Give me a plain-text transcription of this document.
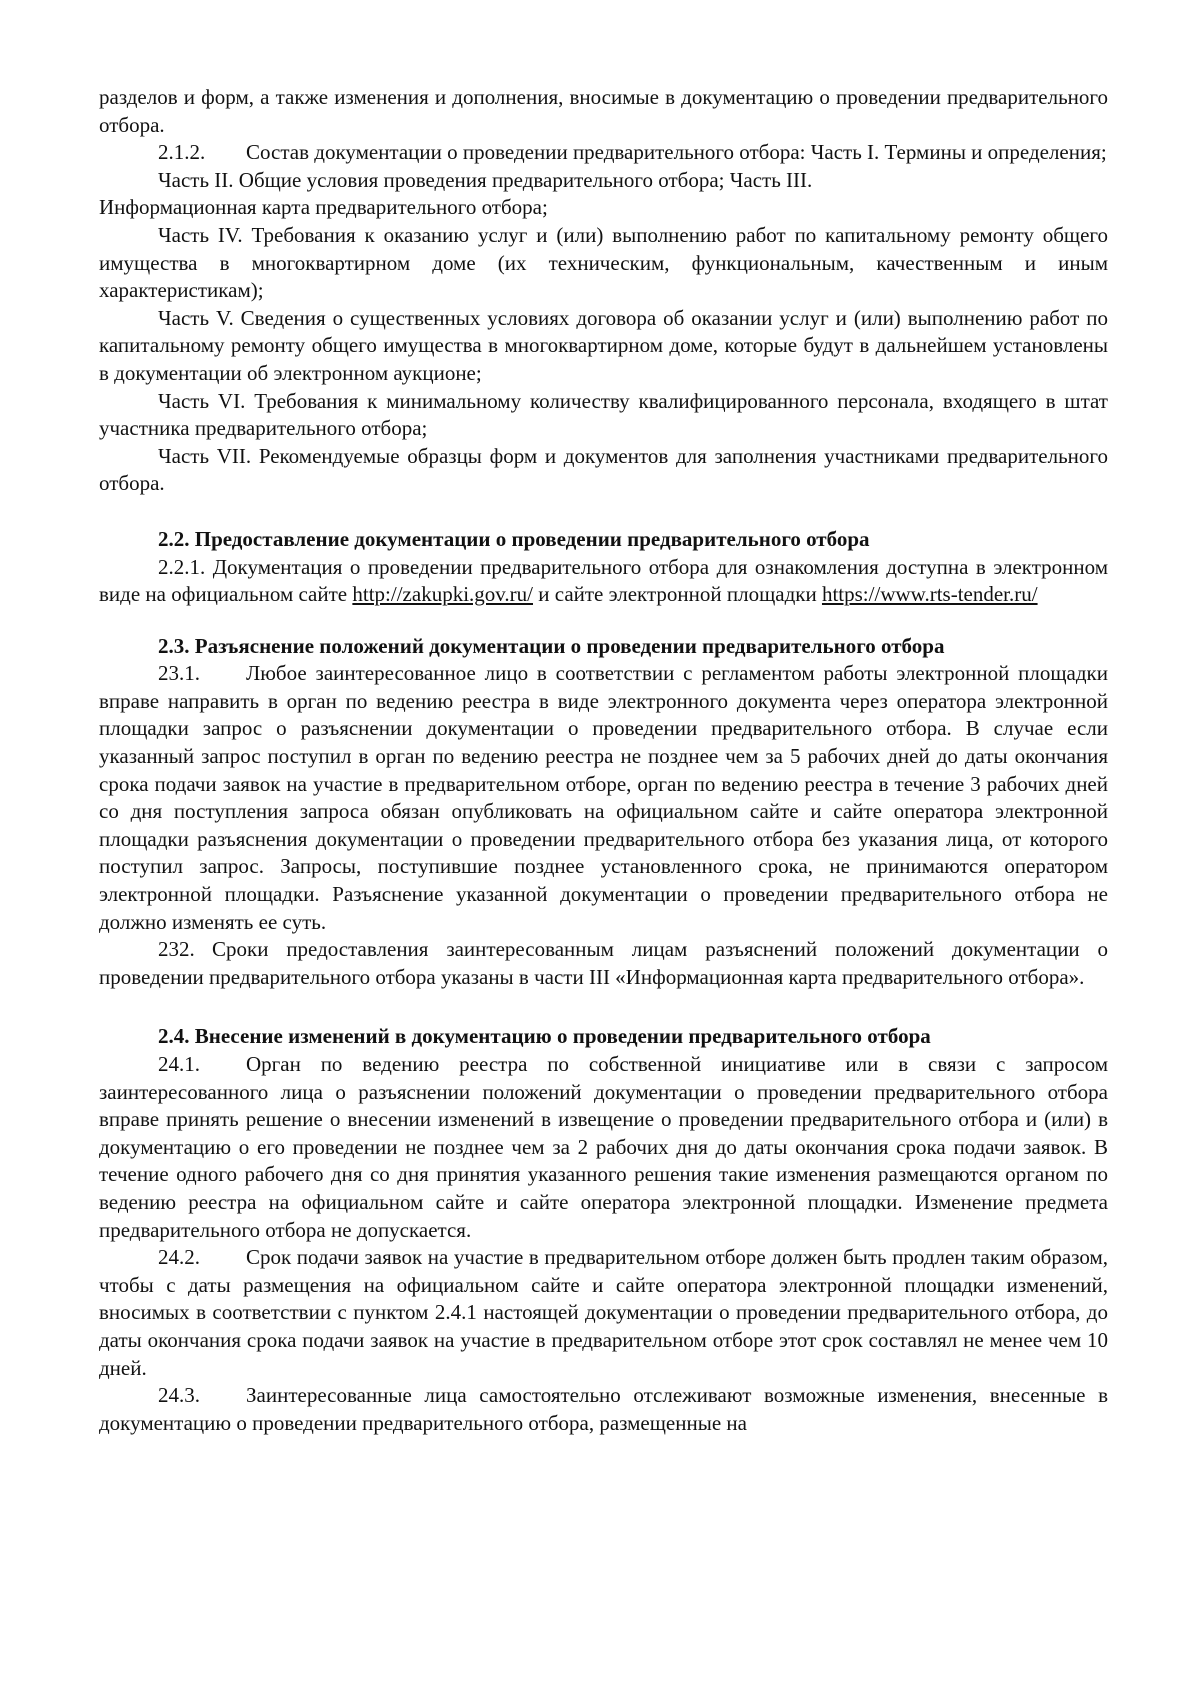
разделов и форм, а также изменения и дополнения, вносимые в документацию о проведении предварительного отбора.

2.1.2. Состав документации о проведении предварительного отбора: Часть I. Термины и определения;

Часть II. Общие условия проведения предварительного отбора; Часть III.

Информационная карта предварительного отбора;

Часть IV. Требования к оказанию услуг и (или) выполнению работ по капитальному ремонту общего имущества в многоквартирном доме (их техническим, функциональным, качественным и иным характеристикам);

Часть V. Сведения о существенных условиях договора об оказании услуг и (или) выполнению работ по капитальному ремонту общего имущества в многоквартирном доме, которые будут в дальнейшем установлены в документации об электронном аукционе;

Часть VI. Требования к минимальному количеству квалифицированного персонала, входящего в штат участника предварительного отбора;

Часть VII. Рекомендуемые образцы форм и документов для заполнения участниками предварительного отбора.

2.2. Предоставление документации о проведении предварительного отбора

2.2.1. Документация о проведении предварительного отбора для ознакомления доступна в электронном виде на официальном сайте http://zakupki.gov.ru/ и сайте электронной площадки https://www.rts-tender.ru/

2.3. Разъяснение положений документации о проведении предварительного отбора

23.1. Любое заинтересованное лицо в соответствии с регламентом работы электронной площадки вправе направить в орган по ведению реестра в виде электронного документа через оператора электронной площадки запрос о разъяснении документации о проведении предварительного отбора. В случае если указанный запрос поступил в орган по ведению реестра не позднее чем за 5 рабочих дней до даты окончания срока подачи заявок на участие в предварительном отборе, орган по ведению реестра в течение 3 рабочих дней со дня поступления запроса обязан опубликовать на официальном сайте и сайте оператора электронной площадки разъяснения документации о проведении предварительного отбора без указания лица, от которого поступил запрос. Запросы, поступившие позднее установленного срока, не принимаются оператором электронной площадки. Разъяснение указанной документации о проведении предварительного отбора не должно изменять ее суть.

232. Сроки предоставления заинтересованным лицам разъяснений положений документации о проведении предварительного отбора указаны в части III «Информационная карта предварительного отбора».

2.4. Внесение изменений в документацию о проведении предварительного отбора

24.1. Орган по ведению реестра по собственной инициативе или в связи с запросом заинтересованного лица о разъяснении положений документации о проведении предварительного отбора вправе принять решение о внесении изменений в извещение о проведении предварительного отбора и (или) в документацию о его проведении не позднее чем за 2 рабочих дня до даты окончания срока подачи заявок. В течение одного рабочего дня со дня принятия указанного решения такие изменения размещаются органом по ведению реестра на официальном сайте и сайте оператора электронной площадки. Изменение предмета предварительного отбора не допускается.

24.2. Срок подачи заявок на участие в предварительном отборе должен быть продлен таким образом, чтобы с даты размещения на официальном сайте и сайте оператора электронной площадки изменений, вносимых в соответствии с пунктом 2.4.1 настоящей документации о проведении предварительного отбора, до даты окончания срока подачи заявок на участие в предварительном отборе этот срок составлял не менее чем 10 дней.

24.3. Заинтересованные лица самостоятельно отслеживают возможные изменения, внесенные в документацию о проведении предварительного отбора, размещенные на
